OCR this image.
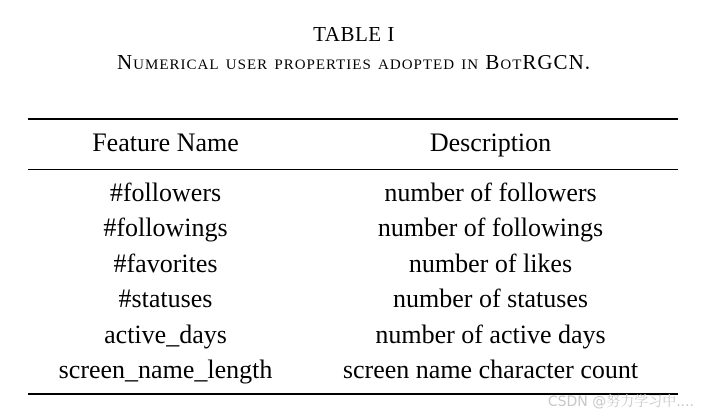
TABLE I
Numerical user properties adopted in BotRGCN.
Feature Name	Description
#followers	number of followers
#followings	number of followings
#favorites	number of likes
#statuses	number of statuses
active_days	number of active days
screen_name_length	screen name character count
CSDN @努力学习中....
